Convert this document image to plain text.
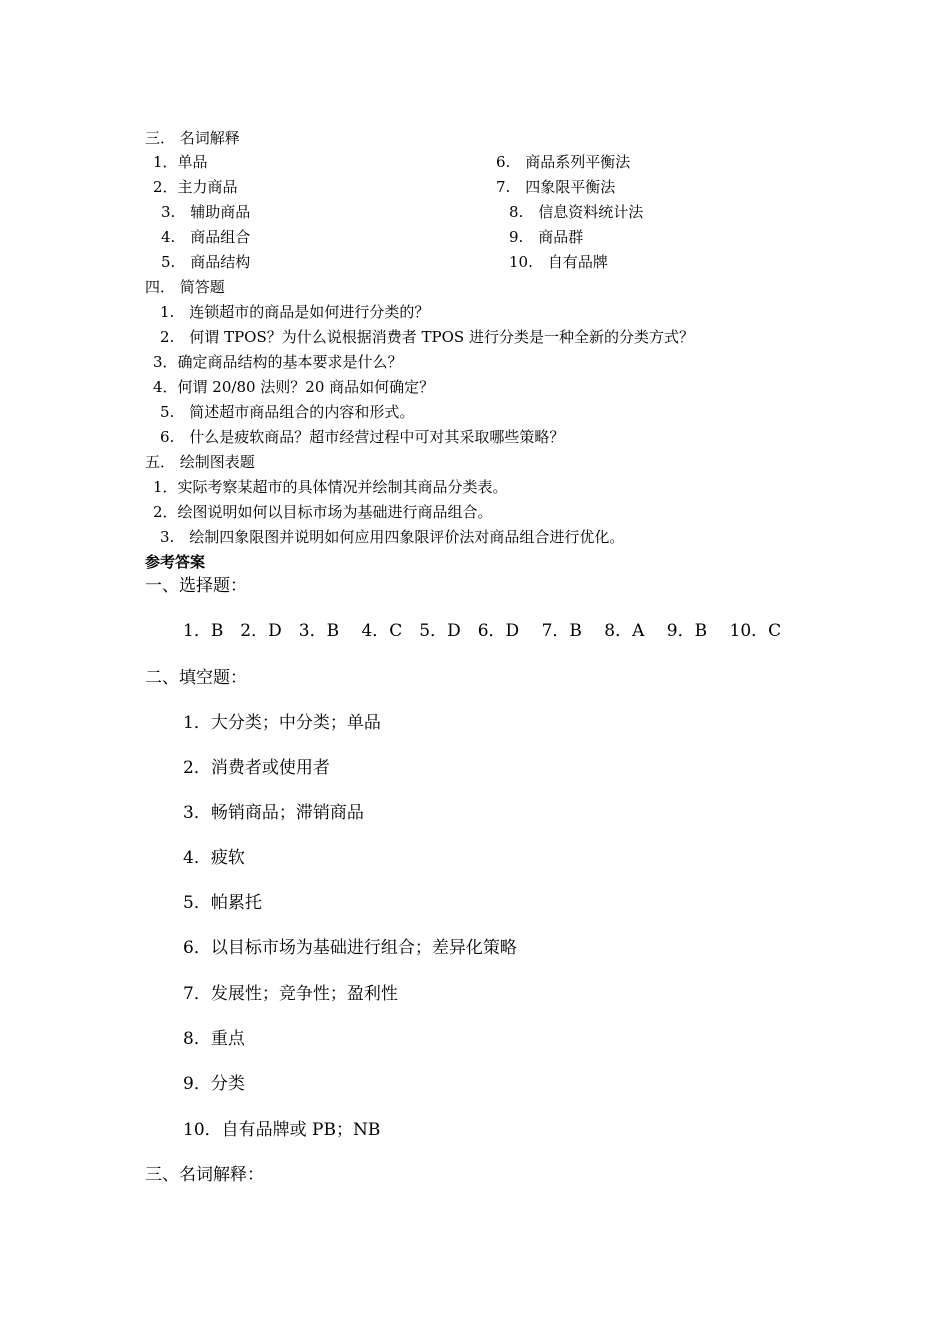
三． 名词解释
1．单品
2．主力商品
3.　辅助商品
4.　商品组合
5.　商品结构
6.　商品系列平衡法
7.　四象限平衡法
8.　信息资料统计法
9.　商品群
10.　自有品牌
四． 简答题
1.　连锁超市的商品是如何进行分类的？
2.　何谓 TPOS？为什么说根据消费者 TPOS 进行分类是一种全新的分类方式？
3．确定商品结构的基本要求是什么？
4．何谓 20/80 法则？20 商品如何确定？
5.　简述超市商品组合的内容和形式。
6.　什么是疲软商品？超市经营过程中可对其采取哪些策略？
五． 绘制图表题
1．实际考察某超市的具体情况并绘制其商品分类表。
2．绘图说明如何以目标市场为基础进行商品组合。
3.　绘制四象限图并说明如何应用四象限评价法对商品组合进行优化。
参考答案
一、选择题：
1．B　2．D　3．B　 4．C　5．D　6．D　 7．B　 8．A　 9．B　 10．C
二、填空题：
1．大分类；中分类；单品
2．消费者或使用者
3．畅销商品；滞销商品
4．疲软
5．帕累托
6．以目标市场为基础进行组合；差异化策略
7．发展性；竞争性；盈利性
8．重点
9．分类
10．自有品牌或 PB；NB
三、名词解释：
